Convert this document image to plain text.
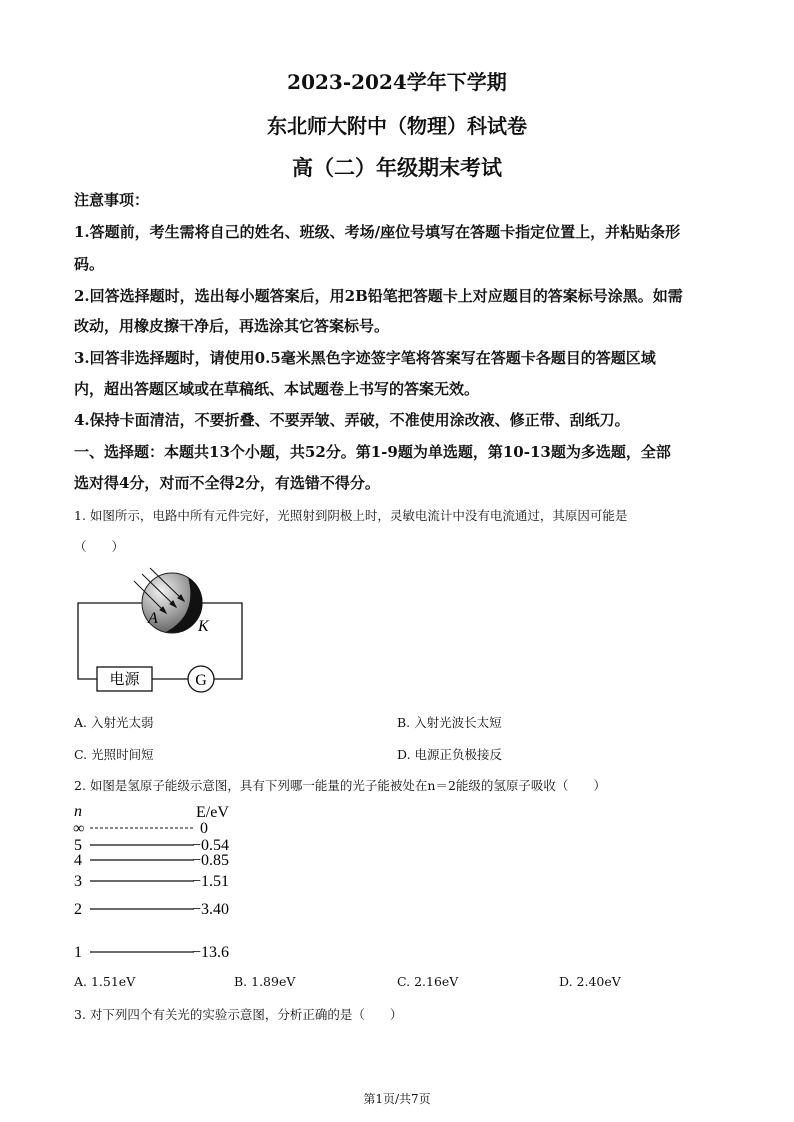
2023-2024学年下学期
东北师大附中（物理）科试卷
高（二）年级期末考试
注意事项：
1.答题前，考生需将自己的姓名、班级、考场/座位号填写在答题卡指定位置上，并粘贴条形
码。
2.回答选择题时，选出每小题答案后，用2B铅笔把答题卡上对应题目的答案标号涂黑。如需
改动，用橡皮擦干净后，再选涂其它答案标号。
3.回答非选择题时，请使用0.5毫米黑色字迹签字笔将答案写在答题卡各题目的答题区域
内，超出答题区域或在草稿纸、本试题卷上书写的答案无效。
4.保持卡面清洁，不要折叠、不要弄皱、弄破，不准使用涂改液、修正带、刮纸刀。
一、选择题：本题共13个小题，共52分。第1-9题为单选题，第10-13题为多选题，全部
选对得4分，对而不全得2分，有选错不得分。
1. 如图所示，电路中所有元件完好，光照射到阴极上时，灵敏电流计中没有电流通过，其原因可能是
（　　）
A	K
电源	G
A. 入射光太弱	B. 入射光波长太短
C. 光照时间短	D. 电源正负极接反
2. 如图是氢原子能级示意图，具有下列哪一能量的光子能被处在n＝2能级的氢原子吸收（　　）
n	E/eV
∞	0
5	−0.54
4	−0.85
3	−1.51
2	−3.40
1	−13.6
A. 1.51eV	B. 1.89eV	C. 2.16eV	D. 2.40eV
3. 对下列四个有关光的实验示意图，分析正确的是（　　）
第1页/共7页
